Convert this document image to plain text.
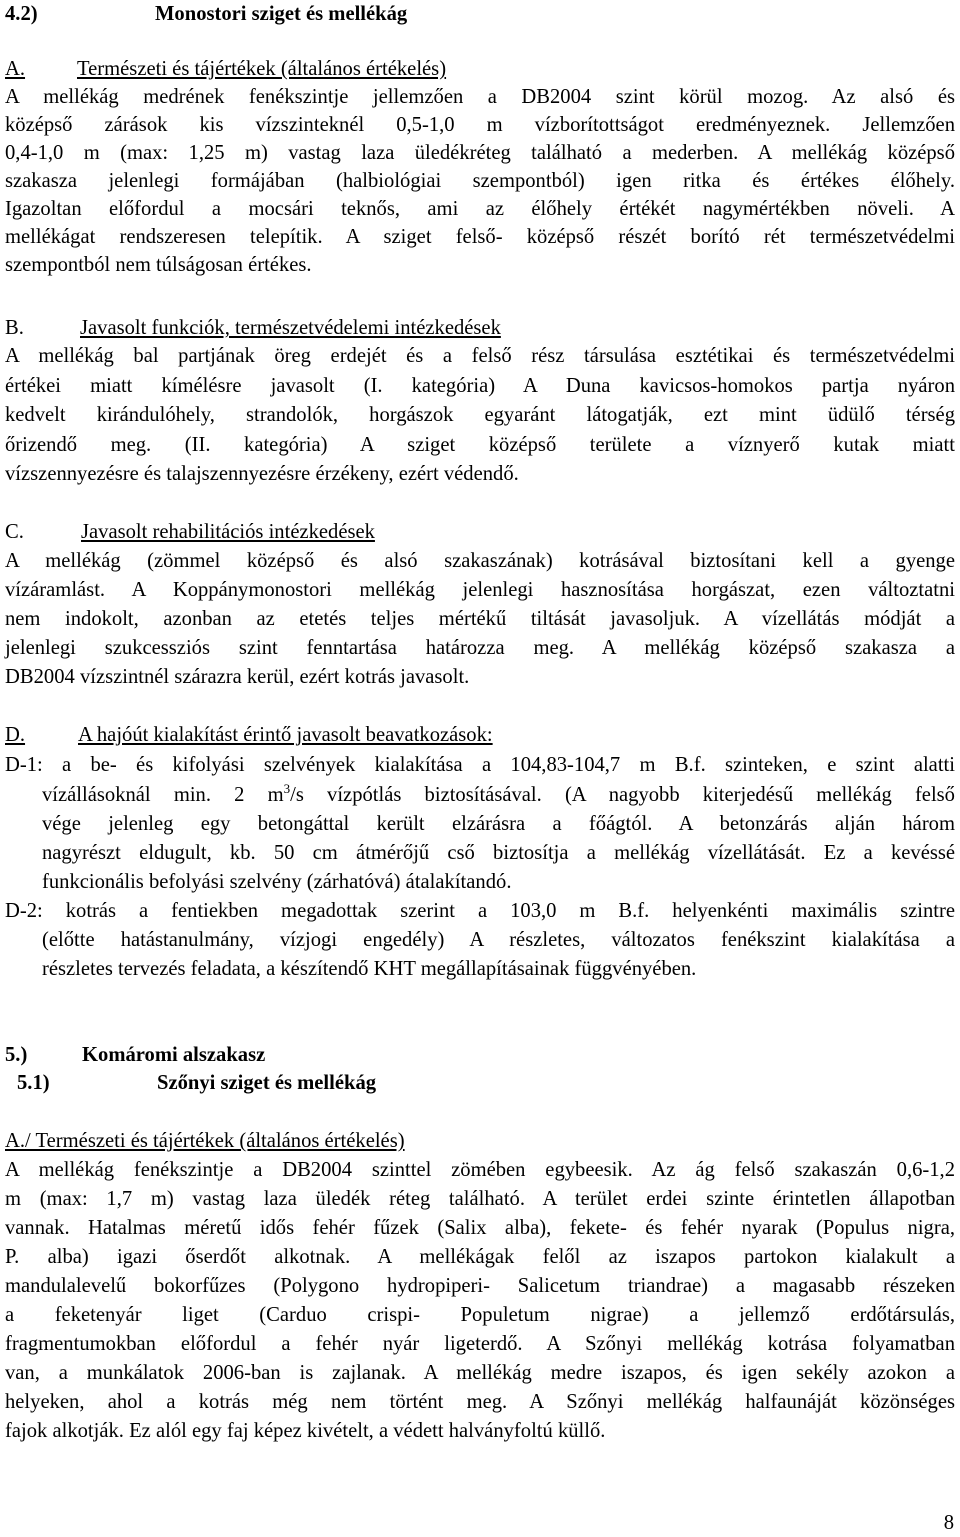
4.2)	Monostori sziget és mellékág
A.	Természeti és tájértékek (általános értékelés)
A mellékág medrének fenékszintje jellemzően a DB2004 szint körül mozog. Az alsó és
középső zárások kis vízszinteknél 0,5-1,0 m vízborítottságot eredményeznek. Jellemzően
0,4-1,0 m (max: 1,25 m) vastag laza üledékréteg található a mederben. A mellékág középső
szakasza jelenlegi formájában (halbiológiai szempontból) igen ritka és értékes élőhely.
Igazoltan előfordul a mocsári teknős, ami az élőhely értékét nagymértékben növeli. A
mellékágat rendszeresen telepítik. A sziget felső- középső részét borító rét természetvédelmi
szempontból nem túlságosan értékes.
B.	Javasolt funkciók, természetvédelemi intézkedések
A mellékág bal partjának öreg erdejét és a felső rész társulása esztétikai és természetvédelmi
értékei miatt kímélésre javasolt (I. kategória) A Duna kavicsos-homokos partja nyáron
kedvelt kirándulóhely, strandolók, horgászok egyaránt látogatják, ezt mint üdülő térség
őrizendő meg. (II. kategória) A sziget középső területe a víznyerő kutak miatt
vízszennyezésre és talajszennyezésre érzékeny, ezért védendő.
C.	Javasolt rehabilitációs intézkedések
A mellékág (zömmel középső és alsó szakaszának) kotrásával biztosítani kell a gyenge
vízáramlást. A Koppánymonostori mellékág jelenlegi hasznosítása horgászat, ezen változtatni
nem indokolt, azonban az etetés teljes mértékű tiltását javasoljuk. A vízellátás módját a
jelenlegi szukcessziós szint fenntartása határozza meg. A mellékág középső szakasza a
DB2004 vízszintnél szárazra kerül, ezért kotrás javasolt.
D.	A hajóút kialakítást érintő javasolt beavatkozások:
D-1: a be- és kifolyási szelvények kialakítása a 104,83-104,7 m B.f. szinteken, e szint alatti
vízállásoknál min. 2 $m^3/s$ vízpótlás biztosításával. (A nagyobb kiterjedésű mellékág felső
vége jelenleg egy betongáttal került elzárásra a főágtól. A betonzárás alján három
nagyrészt eldugult, kb. 50 cm átmérőjű cső biztosítja a mellékág vízellátását. Ez a kevéssé
funkcionális befolyási szelvény (zárhatóvá) átalakítandó.
D-2: kotrás a fentiekben megadottak szerint a 103,0 m B.f. helyenkénti maximális szintre
(előtte hatástanulmány, vízjogi engedély) A részletes, változatos fenékszint kialakítása a
részletes tervezés feladata, a készítendő KHT megállapításainak függvényében.
5.)	Komáromi alszakasz
5.1)	Szőnyi sziget és mellékág
A./ Természeti és tájértékek (általános értékelés)
A mellékág fenékszintje a DB2004 szinttel zömében egybeesik. Az ág felső szakaszán 0,6-1,2
m (max: 1,7 m) vastag laza üledék réteg található. A terület erdei szinte érintetlen állapotban
vannak. Hatalmas méretű idős fehér fűzek (Salix alba), fekete- és fehér nyarak (Populus nigra,
P. alba) igazi őserdőt alkotnak. A mellékágak felől az iszapos partokon kialakult a
mandulalevelű bokorfűzes (Polygono hydropiperi- Salicetum triandrae) a magasabb részeken
a feketenyár liget (Carduo crispi- Populetum nigrae) a jellemző erdőtársulás,
fragmentumokban előfordul a fehér nyár ligeterdő. A Szőnyi mellékág kotrása folyamatban
van, a munkálatok 2006-ban is zajlanak. A mellékág medre iszapos, és igen sekély azokon a
helyeken, ahol a kotrás még nem történt meg. A Szőnyi mellékág halfaunáját közönséges
fajok alkotják. Ez alól egy faj képez kivételt, a védett halványfoltú küllő.
8
